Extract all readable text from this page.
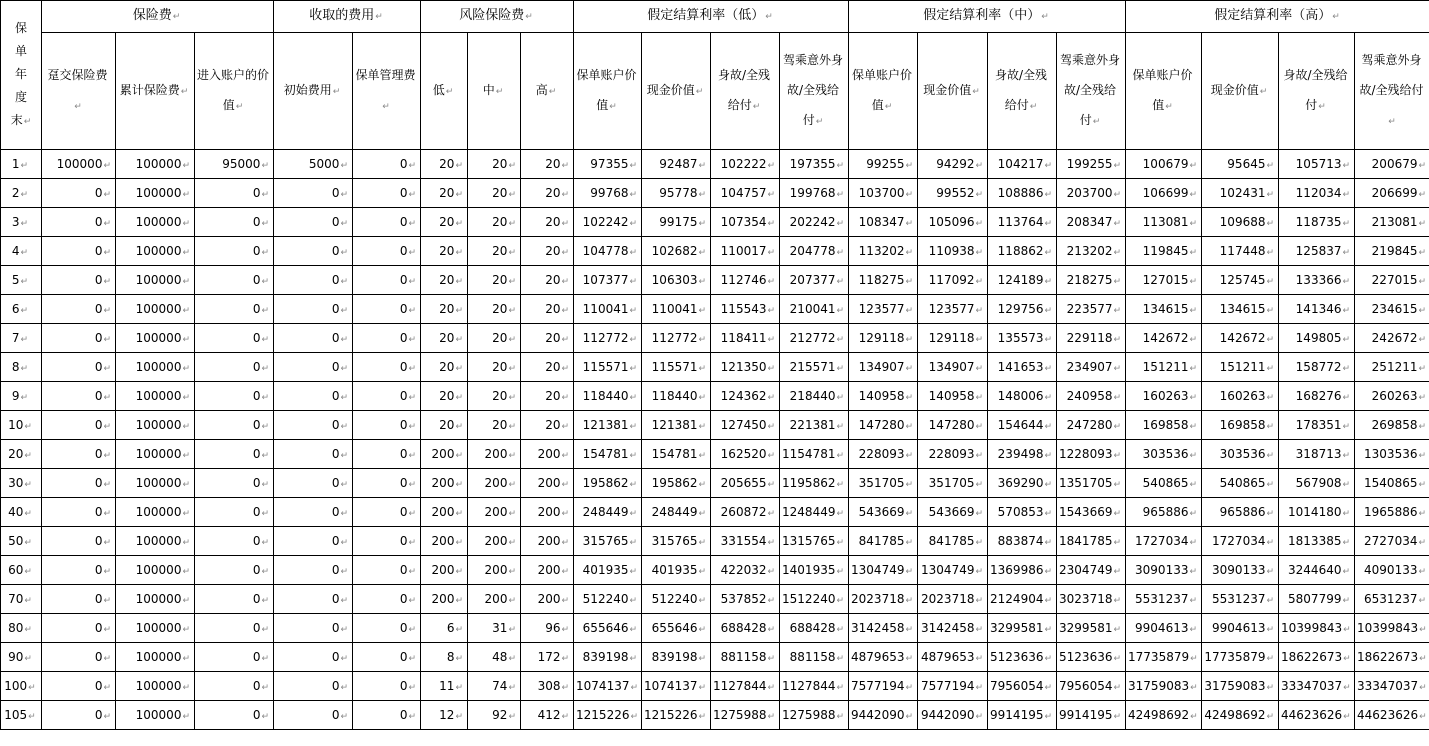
保
单
年
度
末↵	保险费↵			收取的费用↵		风险保险费↵			假定结算利率（低）↵				假定结算利率（中）↵				假定结算利率（高）↵			
	趸交保险费↵	累计保险费↵	进入账户的价值↵	初始费用↵	保单管理费↵	低↵	中↵	高↵	保单账户价值↵	现金价值↵	身故/全残给付↵	驾乘意外身故/全残给付↵	保单账户价值↵	现金价值↵	身故/全残给付↵	驾乘意外身故/全残给付↵	保单账户价值↵	现金价值↵	身故/全残给付↵	驾乘意外身故/全残给付↵
1↵	100000↵	100000↵	95000↵	5000↵	0↵	20↵	20↵	20↵	97355↵	92487↵	102222↵	197355↵	99255↵	94292↵	104217↵	199255↵	100679↵	95645↵	105713↵	200679↵
2↵	0↵	100000↵	0↵	0↵	0↵	20↵	20↵	20↵	99768↵	95778↵	104757↵	199768↵	103700↵	99552↵	108886↵	203700↵	106699↵	102431↵	112034↵	206699↵
3↵	0↵	100000↵	0↵	0↵	0↵	20↵	20↵	20↵	102242↵	99175↵	107354↵	202242↵	108347↵	105096↵	113764↵	208347↵	113081↵	109688↵	118735↵	213081↵
4↵	0↵	100000↵	0↵	0↵	0↵	20↵	20↵	20↵	104778↵	102682↵	110017↵	204778↵	113202↵	110938↵	118862↵	213202↵	119845↵	117448↵	125837↵	219845↵
5↵	0↵	100000↵	0↵	0↵	0↵	20↵	20↵	20↵	107377↵	106303↵	112746↵	207377↵	118275↵	117092↵	124189↵	218275↵	127015↵	125745↵	133366↵	227015↵
6↵	0↵	100000↵	0↵	0↵	0↵	20↵	20↵	20↵	110041↵	110041↵	115543↵	210041↵	123577↵	123577↵	129756↵	223577↵	134615↵	134615↵	141346↵	234615↵
7↵	0↵	100000↵	0↵	0↵	0↵	20↵	20↵	20↵	112772↵	112772↵	118411↵	212772↵	129118↵	129118↵	135573↵	229118↵	142672↵	142672↵	149805↵	242672↵
8↵	0↵	100000↵	0↵	0↵	0↵	20↵	20↵	20↵	115571↵	115571↵	121350↵	215571↵	134907↵	134907↵	141653↵	234907↵	151211↵	151211↵	158772↵	251211↵
9↵	0↵	100000↵	0↵	0↵	0↵	20↵	20↵	20↵	118440↵	118440↵	124362↵	218440↵	140958↵	140958↵	148006↵	240958↵	160263↵	160263↵	168276↵	260263↵
10↵	0↵	100000↵	0↵	0↵	0↵	20↵	20↵	20↵	121381↵	121381↵	127450↵	221381↵	147280↵	147280↵	154644↵	247280↵	169858↵	169858↵	178351↵	269858↵
20↵	0↵	100000↵	0↵	0↵	0↵	200↵	200↵	200↵	154781↵	154781↵	162520↵	1154781↵	228093↵	228093↵	239498↵	1228093↵	303536↵	303536↵	318713↵	1303536↵
30↵	0↵	100000↵	0↵	0↵	0↵	200↵	200↵	200↵	195862↵	195862↵	205655↵	1195862↵	351705↵	351705↵	369290↵	1351705↵	540865↵	540865↵	567908↵	1540865↵
40↵	0↵	100000↵	0↵	0↵	0↵	200↵	200↵	200↵	248449↵	248449↵	260872↵	1248449↵	543669↵	543669↵	570853↵	1543669↵	965886↵	965886↵	1014180↵	1965886↵
50↵	0↵	100000↵	0↵	0↵	0↵	200↵	200↵	200↵	315765↵	315765↵	331554↵	1315765↵	841785↵	841785↵	883874↵	1841785↵	1727034↵	1727034↵	1813385↵	2727034↵
60↵	0↵	100000↵	0↵	0↵	0↵	200↵	200↵	200↵	401935↵	401935↵	422032↵	1401935↵	1304749↵	1304749↵	1369986↵	2304749↵	3090133↵	3090133↵	3244640↵	4090133↵
70↵	0↵	100000↵	0↵	0↵	0↵	200↵	200↵	200↵	512240↵	512240↵	537852↵	1512240↵	2023718↵	2023718↵	2124904↵	3023718↵	5531237↵	5531237↵	5807799↵	6531237↵
80↵	0↵	100000↵	0↵	0↵	0↵	6↵	31↵	96↵	655646↵	655646↵	688428↵	688428↵	3142458↵	3142458↵	3299581↵	3299581↵	9904613↵	9904613↵	10399843↵	10399843↵
90↵	0↵	100000↵	0↵	0↵	0↵	8↵	48↵	172↵	839198↵	839198↵	881158↵	881158↵	4879653↵	4879653↵	5123636↵	5123636↵	17735879↵	17735879↵	18622673↵	18622673↵
100↵	0↵	100000↵	0↵	0↵	0↵	11↵	74↵	308↵	1074137↵	1074137↵	1127844↵	1127844↵	7577194↵	7577194↵	7956054↵	7956054↵	31759083↵	31759083↵	33347037↵	33347037↵
105↵	0↵	100000↵	0↵	0↵	0↵	12↵	92↵	412↵	1215226↵	1215226↵	1275988↵	1275988↵	9442090↵	9442090↵	9914195↵	9914195↵	42498692↵	42498692↵	44623626↵	44623626↵
